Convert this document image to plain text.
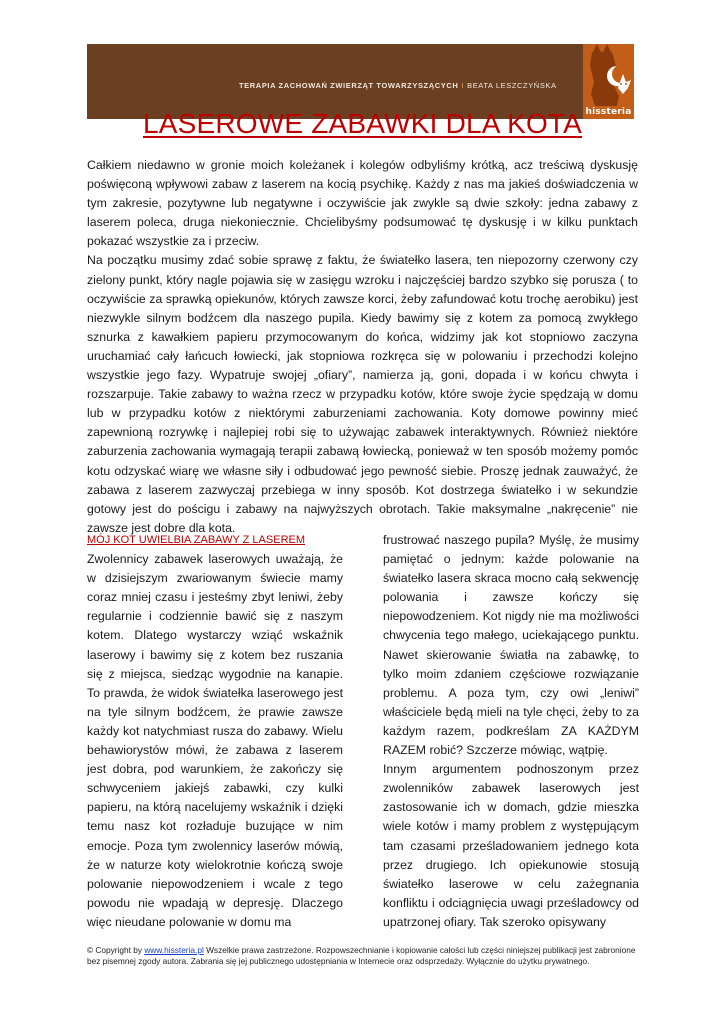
TERAPIA ZACHOWAŃ ZWIERZĄT TOWARZYSZĄCYCH I BEATA LESZCZYŃSKA
hissteria
LASEROWE ZABAWKI DLA KOTA

Całkiem niedawno w gronie moich koleżanek i kolegów odbyliśmy krótką, acz treściwą dyskusję poświęconą wpływowi zabaw z laserem na kocią psychikę. Każdy z nas ma jakieś doświadczenia w tym zakresie, pozytywne lub negatywne i oczywiście jak zwykle są dwie szkoły: jedna zabawy z laserem poleca, druga niekoniecznie. Chcielibyśmy podsumować tę dyskusję i w kilku punktach pokazać wszystkie za i przeciw.

Na początku musimy zdać sobie sprawę z faktu, że światełko lasera, ten niepozorny czerwony czy zielony punkt, który nagle pojawia się w zasięgu wzroku i najczęściej bardzo szybko się porusza ( to oczywiście za sprawką opiekunów, których zawsze korci, żeby zafundować kotu trochę aerobiku) jest niezwykle silnym bodźcem dla naszego pupila. Kiedy bawimy się z kotem za pomocą zwykłego sznurka z kawałkiem papieru przymocowanym do końca, widzimy jak kot stopniowo zaczyna uruchamiać cały łańcuch łowiecki, jak stopniowa rozkręca się w polowaniu i przechodzi kolejno wszystkie jego fazy. Wypatruje swojej „ofiary”, namierza ją, goni, dopada i w końcu chwyta i rozszarpuje. Takie zabawy to ważna rzecz w przypadku kotów, które swoje życie spędzają w domu lub w przypadku kotów z niektórymi zaburzeniami zachowania. Koty domowe powinny mieć zapewnioną rozrywkę i najlepiej robi się to używając zabawek interaktywnych. Również niektóre zaburzenia zachowania wymagają terapii zabawą łowiecką, ponieważ w ten sposób możemy pomóc kotu odzyskać wiarę we własne siły i odbudować jego pewność siebie. Proszę jednak zauważyć, że zabawa z laserem zazwyczaj przebiega w inny sposób. Kot dostrzega światełko i w sekundzie gotowy jest do pościgu i zabawy na najwyższych obrotach. Takie maksymalne „nakręcenie” nie zawsze jest dobre dla kota.

MÓJ KOT UWIELBIA ZABAWY Z LASEREM

Zwolennicy zabawek laserowych uważają, że w dzisiejszym zwariowanym świecie mamy coraz mniej czasu i jesteśmy zbyt leniwi, żeby regularnie i codziennie bawić się z naszym kotem. Dlatego wystarczy wziąć wskaźnik laserowy i bawimy się z kotem bez ruszania się z miejsca, siedząc wygodnie na kanapie. To prawda, że widok światełka laserowego jest na tyle silnym bodźcem, że prawie zawsze każdy kot natychmiast rusza do zabawy. Wielu behawiorystów mówi, że zabawa z laserem jest dobra, pod warunkiem, że zakończy się schwyceniem jakiejś zabawki, czy kulki papieru, na którą nacelujemy wskaźnik i dzięki temu nasz kot rozładuje buzujące w nim emocje. Poza tym zwolennicy laserów mówią, że w naturze koty wielokrotnie kończą swoje polowanie niepowodzeniem i wcale z tego powodu nie wpadają w depresję. Dlaczego więc nieudane polowanie w domu ma

frustrować naszego pupila? Myślę, że musimy pamiętać o jednym: każde polowanie na światełko lasera skraca mocno całą sekwencję polowania i zawsze kończy się niepowodzeniem. Kot nigdy nie ma możliwości chwycenia tego małego, uciekającego punktu. Nawet skierowanie światła na zabawkę, to tylko moim zdaniem częściowe rozwiązanie problemu. A poza tym, czy owi „leniwi” właściciele będą mieli na tyle chęci, żeby to za każdym razem, podkreślam ZA KAŻDYM RAZEM robić? Szczerze mówiąc, wątpię.

Innym argumentem podnoszonym przez zwolenników zabawek laserowych jest zastosowanie ich w domach, gdzie mieszka wiele kotów i mamy problem z występującym tam czasami prześladowaniem jednego kota przez drugiego. Ich opiekunowie stosują światełko laserowe w celu zażegnania konfliktu i odciągnięcia uwagi prześladowcy od upatrzonej ofiary. Tak szeroko opisywany

© Copyright by www.hissteria.pl Wszelkie prawa zastrzeżone. Rozpowszechnianie i kopiowanie całości lub części niniejszej publikacji jest zabronione bez pisemnej zgody autora. Zabrania się jej publicznego udostępniania w Internecie oraz odsprzedaży. Wyłącznie do użytku prywatnego.
